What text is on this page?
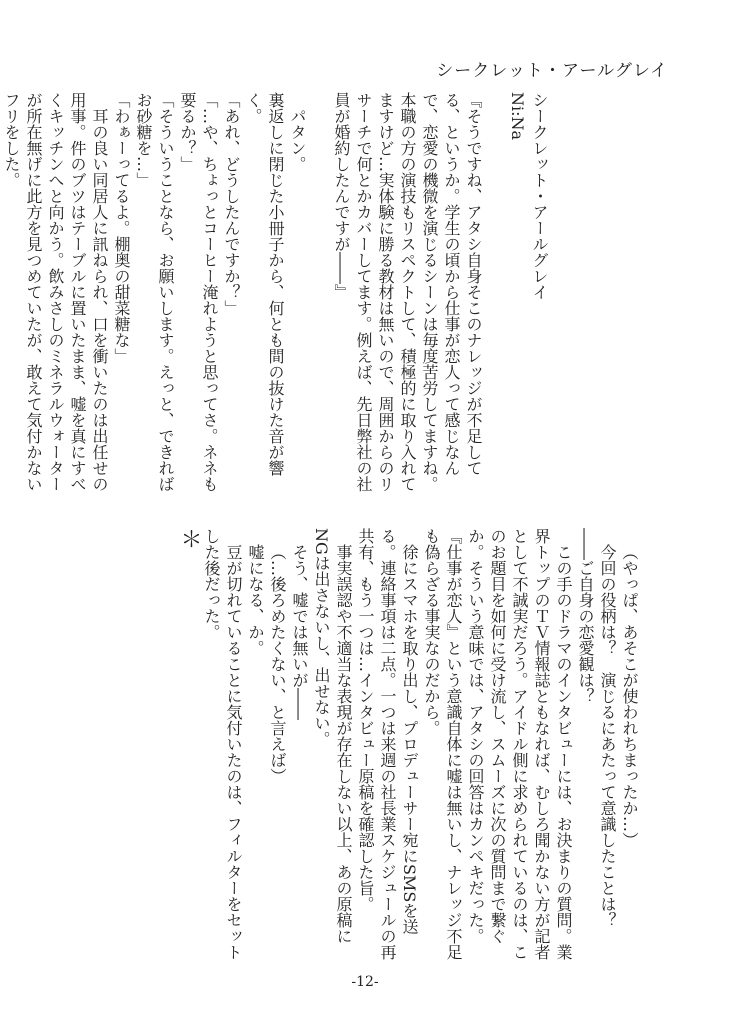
シークレット・アールグレイ

シークレット・アールグレイ

Ni:Na

『そうですね、アタシ自身そこのナレッジが不足してる、というか。学生の頃から仕事が恋人って感じなんで、恋愛の機微を演じるシーンは毎度苦労してますね。本職の方の演技もリスペクトして、積極的に取り入れてますけど…実体験に勝る教材は無いので、周囲からのリサーチで何とかカバーしてます。例えば、先日弊社の社員が婚約したんですが――』

パタン。

裏返しに閉じた小冊子から、何とも間の抜けた音が響く。

「あれ、どうしたんですか？」

「…や、ちょっとコーヒー淹れようと思ってさ。ネネも要るか？」

「そういうことなら、お願いします。えっと、できればお砂糖を…」

「わぁーってるよ。棚奥の甜菜糖な」

耳の良い同居人に訊ねられ、口を衝いたのは出任せの用事。件のブツはテーブルに置いたまま、嘘を真にすべくキッチンへと向かう。飲みさしのミネラルウォーターが所在無げに此方を見つめていたが、敢えて気付かないフリをした。

（やっぱ、あそこが使われちまったか…）

今回の役柄は？　演じるにあたって意識したことは？　――ご自身の恋愛観は？

この手のドラマのインタビューには、お決まりの質問。業界トップのＴＶ情報誌ともなれば、むしろ聞かない方が記者として不誠実だろう。アイドル側に求められているのは、このお題目を如何に受け流し、スムーズに次の質問まで繋ぐか。そういう意味では、アタシの回答はカンペキだった。『仕事が恋人』という意識自体に嘘は無いし、ナレッジ不足も偽らざる事実なのだから。

徐にスマホを取り出し、プロデューサー宛にSMSを送る。連絡事項は二点。一つは来週の社長業スケジュールの再共有、もう一つは…インタビュー原稿を確認した旨。

事実誤認や不適当な表現が存在しない以上、あの原稿にNGは出さないし、出せない。

そう、嘘では無いが――

（…後ろめたくない、と言えば）

嘘になる、か。

豆が切れていることに気付いたのは、フィルターをセットした後だった。

＊

-12-
